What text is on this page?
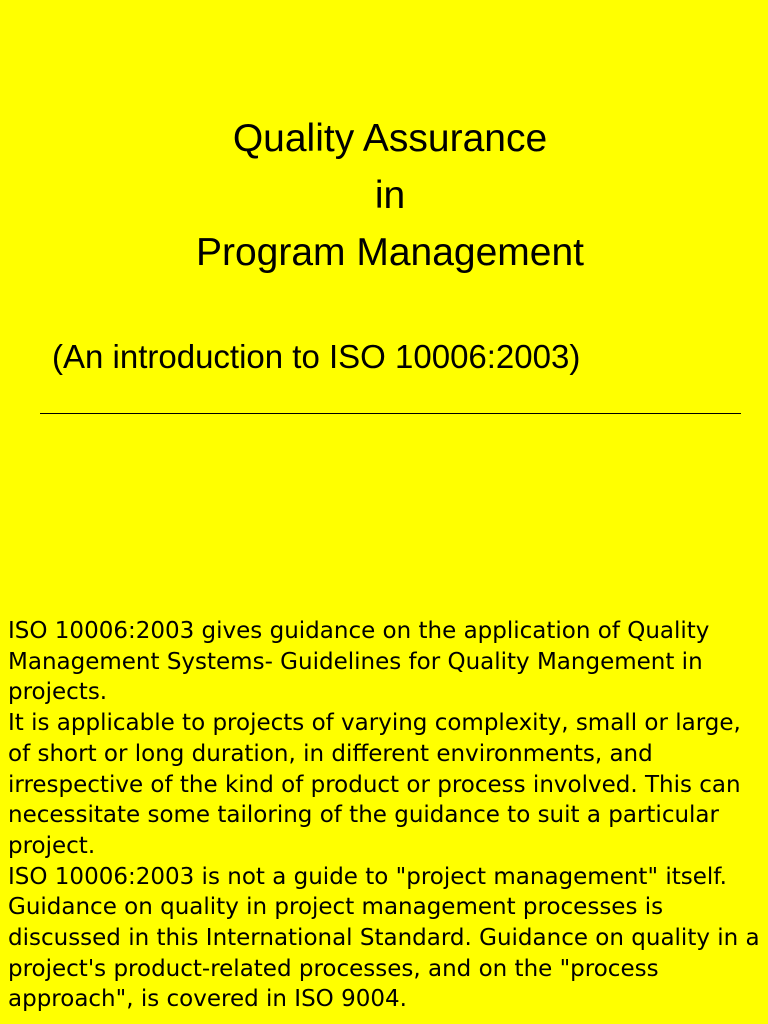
Quality Assurance
in
Program Management
(An introduction to ISO 10006:2003)

ISO 10006:2003 gives guidance on the application of Quality Management Systems- Guidelines for Quality Mangement in projects.

It is applicable to projects of varying complexity, small or large, of short or long duration, in different environments, and irrespective of the kind of product or process involved. This can necessitate some tailoring of the guidance to suit a particular project.

ISO 10006:2003 is not a guide to "project management" itself. Guidance on quality in project management processes is discussed in this International Standard. Guidance on quality in a project's product-related processes, and on the "process approach", is covered in ISO 9004.
